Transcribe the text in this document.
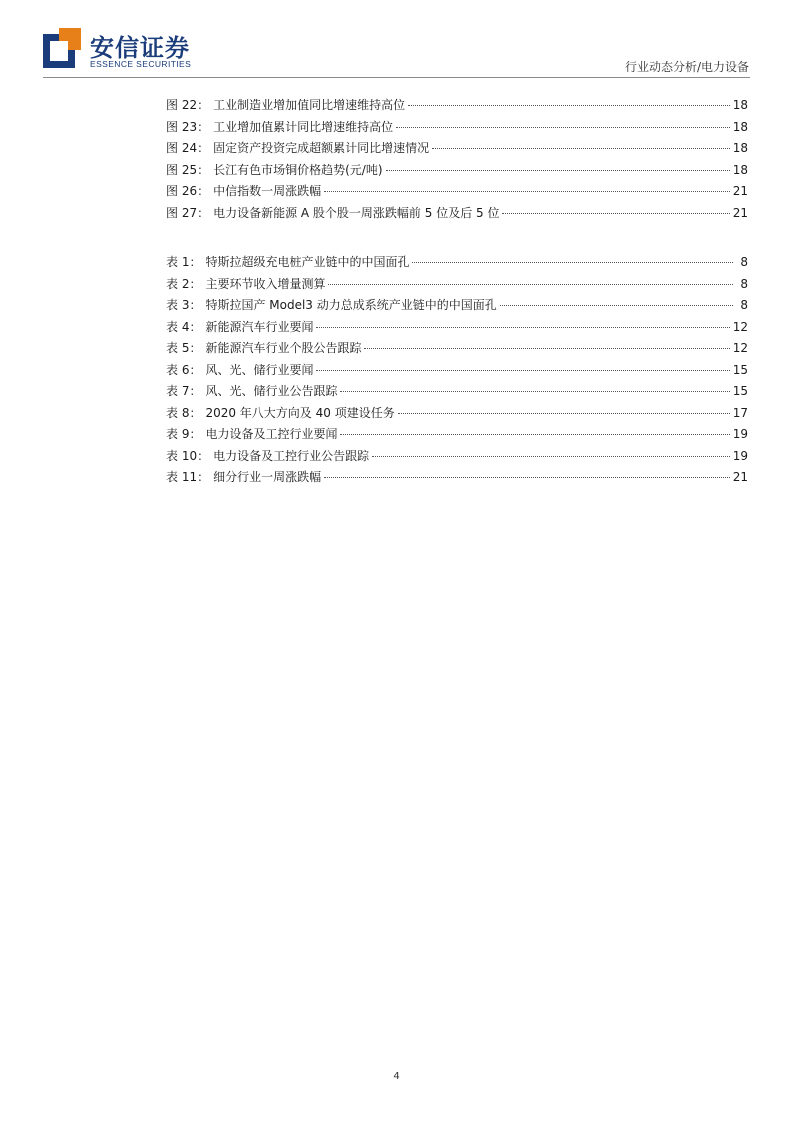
安信证券
ESSENCE SECURITIES	行业动态分析/电力设备
图 22： 工业制造业增加值同比增速维持高位	18
图 23： 工业增加值累计同比增速维持高位	18
图 24： 固定资产投资完成超额累计同比增速情况	18
图 25： 长江有色市场铜价格趋势(元/吨)	18
图 26： 中信指数一周涨跌幅	21
图 27： 电力设备新能源 A 股个股一周涨跌幅前 5 位及后 5 位	21
表 1： 特斯拉超级充电桩产业链中的中国面孔	8
表 2： 主要环节收入增量测算	8
表 3： 特斯拉国产 Model3 动力总成系统产业链中的中国面孔	8
表 4： 新能源汽车行业要闻	12
表 5： 新能源汽车行业个股公告跟踪	12
表 6： 风、光、储行业要闻	15
表 7： 风、光、储行业公告跟踪	15
表 8： 2020 年八大方向及 40 项建设任务	17
表 9： 电力设备及工控行业要闻	19
表 10： 电力设备及工控行业公告跟踪	19
表 11： 细分行业一周涨跌幅	21
4
